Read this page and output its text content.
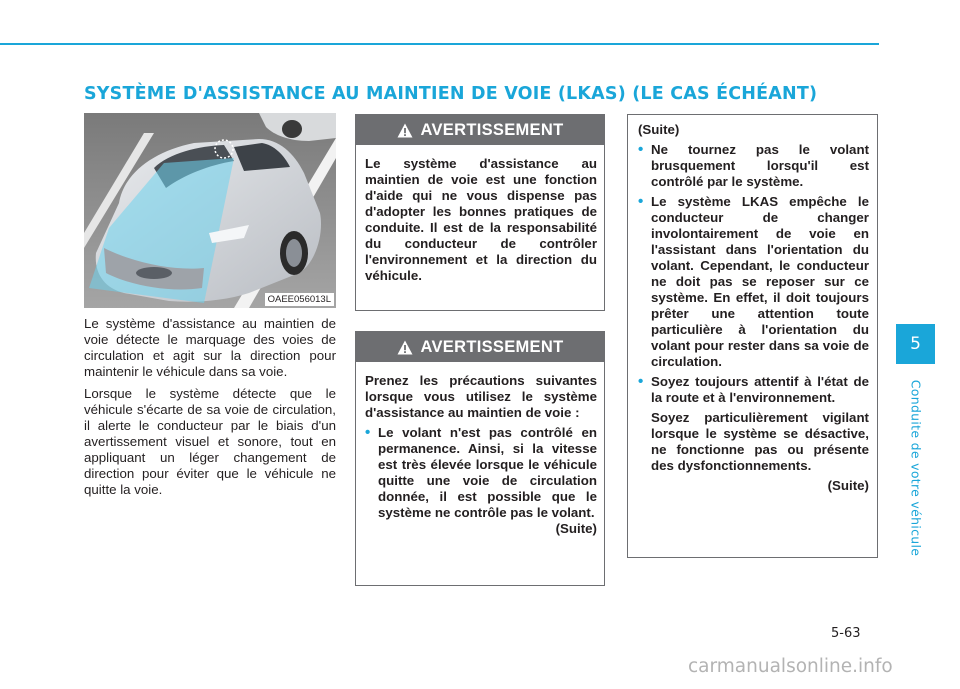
SYSTÈME D'ASSISTANCE AU MAINTIEN DE VOIE (LKAS) (LE CAS ÉCHÉANT)
OAEE056013L

Le système d'assistance au maintien de voie détecte le marquage des voies de circulation et agit sur la direction pour maintenir le véhicule dans sa voie.

Lorsque le système détecte que le véhicule s'écarte de sa voie de circulation, il alerte le conducteur par le biais d'un avertissement visuel et sonore, tout en appliquant un léger changement de direction pour éviter que le véhicule ne quitte la voie.

AVERTISSEMENT

Le système d'assistance au maintien de voie est une fonction d'aide qui ne vous dispense pas d'adopter les bonnes pratiques de conduite. Il est de la responsabilité du conducteur de contrôler l'environnement et la direction du véhicule.

AVERTISSEMENT

Prenez les précautions suivantes lorsque vous utilisez le système d'assistance au maintien de voie :

• Le volant n'est pas contrôlé en permanence. Ainsi, si la vitesse est très élevée lorsque le véhicule quitte une voie de circulation donnée, il est possible que le système ne contrôle pas le volant.
(Suite)
(Suite)
• Ne tournez pas le volant brusquement lorsqu'il est contrôlé par le système.
• Le système LKAS empêche le conducteur de changer involontairement de voie en l'assistant dans l'orientation du volant. Cependant, le conducteur ne doit pas se reposer sur ce système. En effet, il doit toujours prêter une attention toute particulière à l'orientation du volant pour rester dans sa voie de circulation.
• Soyez toujours attentif à l'état de la route et à l'environnement.
Soyez particulièrement vigilant lorsque le système se désactive, ne fonctionne pas ou présente des dysfonctionnements.
(Suite)
5
Conduite de votre véhicule
5-63
carmanualsonline.info
